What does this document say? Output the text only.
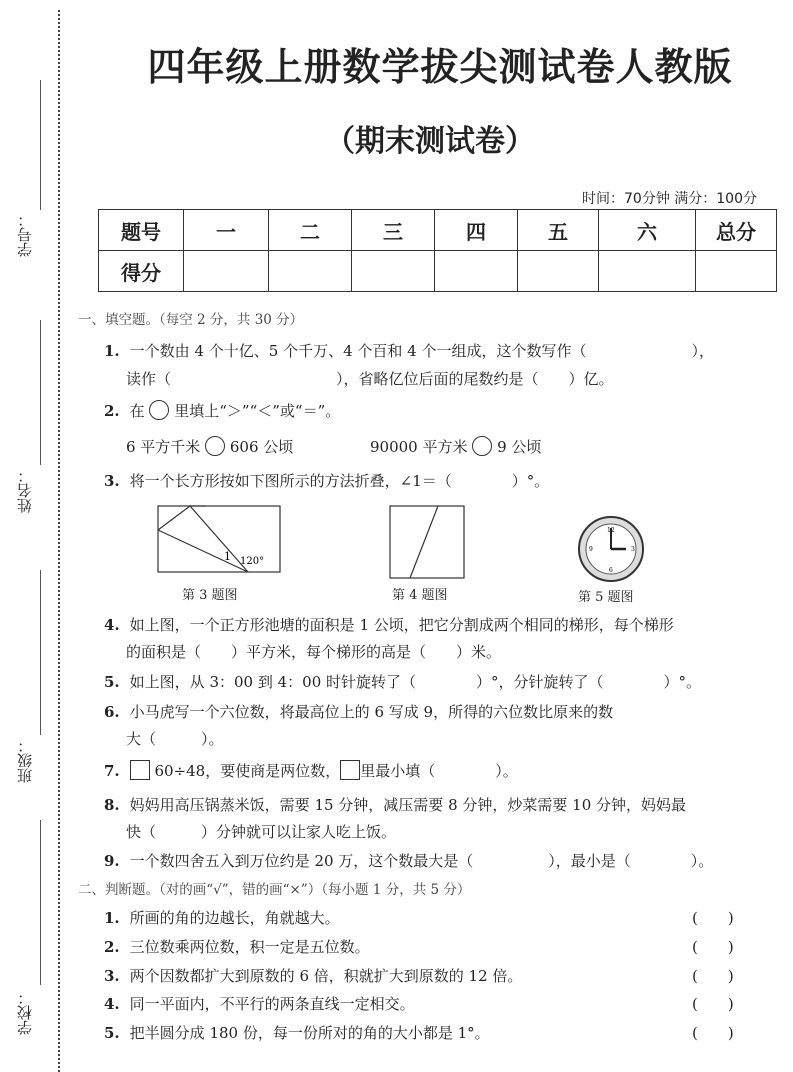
学号：
姓名：
班级：
学校：
四年级上册数学拔尖测试卷人教版
（期末测试卷）
时间：70分钟 满分：100分
题号	一	二	三	四	五	六	总分
得分							
一、填空题。（每空 2 分，共 30 分）
1. 一个数由 4 个十亿、5 个千万、4 个百和 4 个一组成，这个数写作（　　　　　　　），
读作（　　　　　　　　　　　），省略亿位后面的尾数约是（　　）亿。
2. 在 里填上“＞”“＜”或“＝”。
6 平方千米 606 公顷	90000 平方米 9 公顷
3. 将一个长方形按如下图所示的方法折叠，∠1＝（　　　　）°。
1 120°
第 3 题图	第 4 题图
12
3
6
9
第 5 题图
4. 如上图，一个正方形池塘的面积是 1 公顷，把它分割成两个相同的梯形，每个梯形
的面积是（　　）平方米，每个梯形的高是（　　）米。
5. 如上图，从 3：00 到 4：00 时针旋转了（　　　　）°，分针旋转了（　　　　）°。
6. 小马虎写一个六位数，将最高位上的 6 写成 9，所得的六位数比原来的数
大（　　　）。
7. 60÷48，要使商是两位数， 里最小填（　　　　）。
8. 妈妈用高压锅蒸米饭，需要 15 分钟，减压需要 8 分钟，炒菜需要 10 分钟，妈妈最
快（　　　）分钟就可以让家人吃上饭。
9. 一个数四舍五入到万位约是 20 万，这个数最大是（　　　　　），最小是（　　　　）。
二、判断题。（对的画“√”，错的画“×”）（每小题 1 分，共 5 分）
1. 所画的角的边越长，角就越大。	(　　)
2. 三位数乘两位数，积一定是五位数。	(　　)
3. 两个因数都扩大到原数的 6 倍，积就扩大到原数的 12 倍。	(　　)
4. 同一平面内，不平行的两条直线一定相交。	(　　)
5. 把半圆分成 180 份，每一份所对的角的大小都是 1°。	(　　)
